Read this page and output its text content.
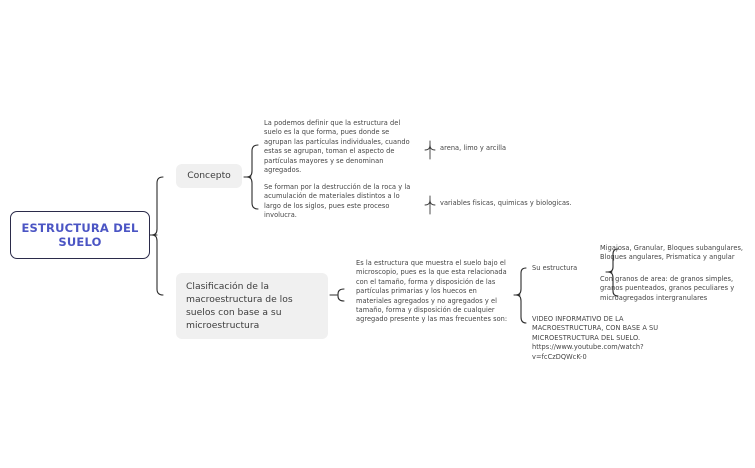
ESTRUCTURA DEL SUELO
Concepto
La podemos definir que la estructura del suelo es la que forma, pues donde se agrupan las partículas individuales, cuando estas se agrupan, toman el aspecto de partículas mayores y se denominan agregados.
Se forman por la destrucción de la roca y la acumulación de materiales distintos a lo largo de los siglos, pues este proceso involucra.
arena, limo y arcilla
variables fisicas, quimicas y biologicas.
Clasificación de la macroestructura de los suelos con base a su microestructura
Es la estructura que muestra el suelo bajo el microscopio, pues es la que esta relacionada con el tamaño, forma y disposición de las partículas primarias y los huecos en materiales agregados y no agregados y el tamaño, forma y disposición de cualquier agregado presente y las mas frecuentes son:
Su estructura
Migajosa, Granular, Bloques subangulares, Bloques angulares, Prismatica y angular
Con granos de area: de granos simples, granos puenteados, granos peculiares y microagregados intergranulares
VIDEO INFORMATIVO DE LA MACROESTRUCTURA, CON BASE A SU MICROESTRUCTURA DEL SUELO. https://www.youtube.com/watch?v=fcCzDQWcK-0
